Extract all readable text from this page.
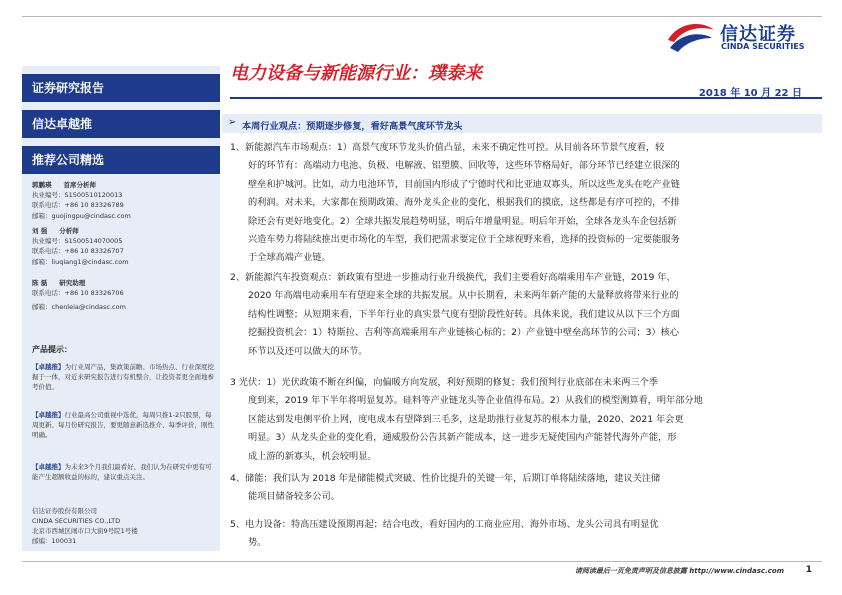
信达证券
CINDA SECURITIES
电力设备与新能源行业：璞泰来
2018 年 10 月 22 日
证券研究报告
信达卓越推
推荐公司精选
郭鹏瑛 首席分析师
执业编号：S1500510120013
联系电话：+86 10 83326789
邮箱：guojingpu@cindasc.com
刘 强 分析师
执业编号：S1500514070005
联系电话：+86 10 83326707
邮箱：liuqiang1@cindasc.com
陈 磊 研究助理
联系电话：+86 10 83326706
邮箱：chenleia@cindasc.com
产品提示：
【卓越推】为行业周产品，集政策前瞻、市场热点、行业深度挖掘于一体，对近来研究报告进行有机整合，让投资者更全面地参考价值。
【卓越推】行业最高公司重视中选优，每周只推1-2只股票，每周更新、每月份研究报告，要更随意新选推介、每季评价，刚性明确。
【卓越推】为未来3个月我们最看好、我们认为在研究中更有可能产生超额收益的标的，建议重点关注。
信达证券股份有限公司
CINDA SECURITIES CO.,LTD
北京市西城区闹市口大街9号院1号楼
邮编：100031
➢ 本周行业观点：预期逐步修复，看好高景气度环节龙头
1、新能源汽车市场观点：1）高景气度环节龙头价值凸显，未来不确定性可控。从目前各环节景气度看，较
好的环节有：高端动力电池、负极、电解液、铝塑膜、回收等，这些环节格局好，部分环节已经建立很深的
壁垒和护城河。比如，动力电池环节，目前国内形成了宁德时代和比亚迪双寡头，所以这些龙头在吃产业链
的利润。对未来，大家都在预期政策、海外龙头企业的变化，根据我们的摸底，这些都是有序可控的，不排
除还会有更好地变化。2）全球共振发展趋势明显，明后年增量明显。明后年开始，全球各龙头车企包括新
兴造车势力将陆续推出更市场化的车型，我们把需求要定位于全球视野来看，选择的投资标的一定要能服务
于全球高端产业链。
2、新能源汽车投资观点：新政策有望进一步推动行业升级换代，我们主要看好高端乘用车产业链，2019 年、
2020 年高端电动乘用车有望迎来全球的共振发展。从中长期看，未来两年新产能的大量释放将带来行业的
结构性调整；从短期来看，下半年行业的真实景气度有望阶段性好转。具体来说，我们建议从以下三个方面
挖掘投资机会：1）特斯拉、吉利等高端乘用车产业链核心标的；2）产业链中壁垒高环节的公司；3）核心
环节以及还可以做大的环节。
3 光伏：1）光伏政策不断在纠偏，向偏暖方向发展，利好预期的修复；我们预判行业底部在未来两三个季
度到来，2019 年下半年将明显复苏。硅料等产业链龙头等企业值得布局。2）从我们的模型测算看，明年部分地
区能达到发电侧平价上网，度电成本有望降到三毛多，这是助推行业复苏的根本力量，2020、2021 年会更
明显。3）从龙头企业的变化看，通威股份公告其新产能成本，这一进步无疑使国内产能替代海外产能，形
成上游的新寡头，机会较明显。
4、储能：我们认为 2018 年是储能模式突破、性价比提升的关键一年，后期订单将陆续落地，建议关注储
能项目储备较多公司。
5、电力设备：特高压建设预期再起；结合电改，看好国内的工商业应用、海外市场、龙头公司具有明显优
势。
请阅读最后一页免责声明及信息披露 http://www.cindasc.com 1
